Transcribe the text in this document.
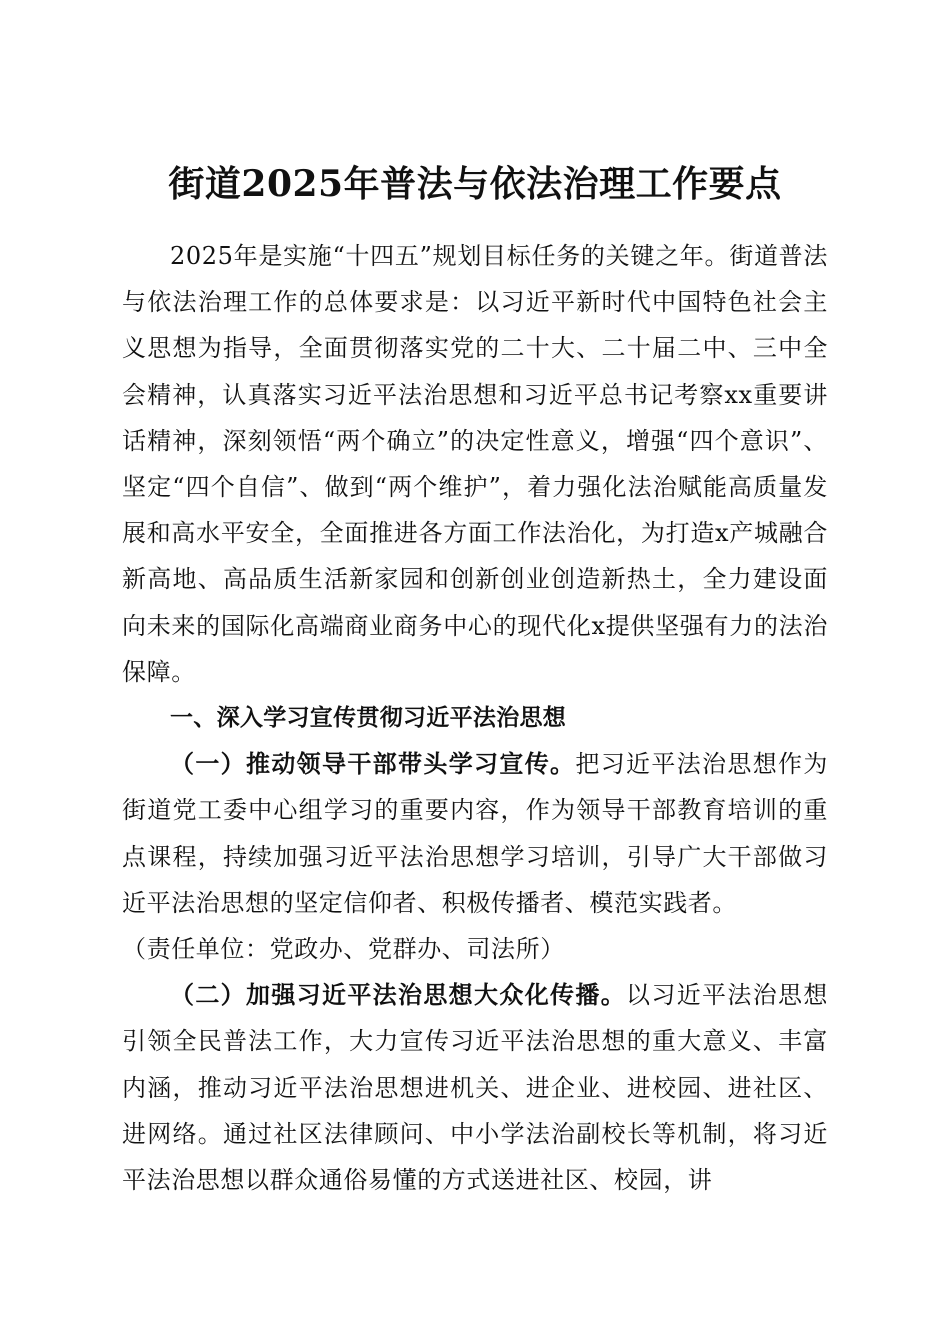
街道2025年普法与依法治理工作要点

2025年是实施“十四五”规划目标任务的关键之年。街道普法与依法治理工作的总体要求是：以习近平新时代中国特色社会主义思想为指导，全面贯彻落实党的二十大、二十届二中、三中全会精神，认真落实习近平法治思想和习近平总书记考察xx重要讲话精神，深刻领悟“两个确立”的决定性意义，增强“四个意识”、坚定“四个自信”、做到“两个维护”，着力强化法治赋能高质量发展和高水平安全，全面推进各方面工作法治化，为打造x产城融合新高地、高品质生活新家园和创新创业创造新热土，全力建设面向未来的国际化高端商业商务中心的现代化x提供坚强有力的法治保障。

一、深入学习宣传贯彻习近平法治思想

（一）推动领导干部带头学习宣传。把习近平法治思想作为街道党工委中心组学习的重要内容，作为领导干部教育培训的重点课程，持续加强习近平法治思想学习培训，引导广大干部做习近平法治思想的坚定信仰者、积极传播者、模范实践者。
（责任单位：党政办、党群办、司法所）

（二）加强习近平法治思想大众化传播。以习近平法治思想引领全民普法工作，大力宣传习近平法治思想的重大意义、丰富内涵，推动习近平法治思想进机关、进企业、进校园、进社区、进网络。通过社区法律顾问、中小学法治副校长等机制，将习近平法治思想以群众通俗易懂的方式送进社区、校园，讲
